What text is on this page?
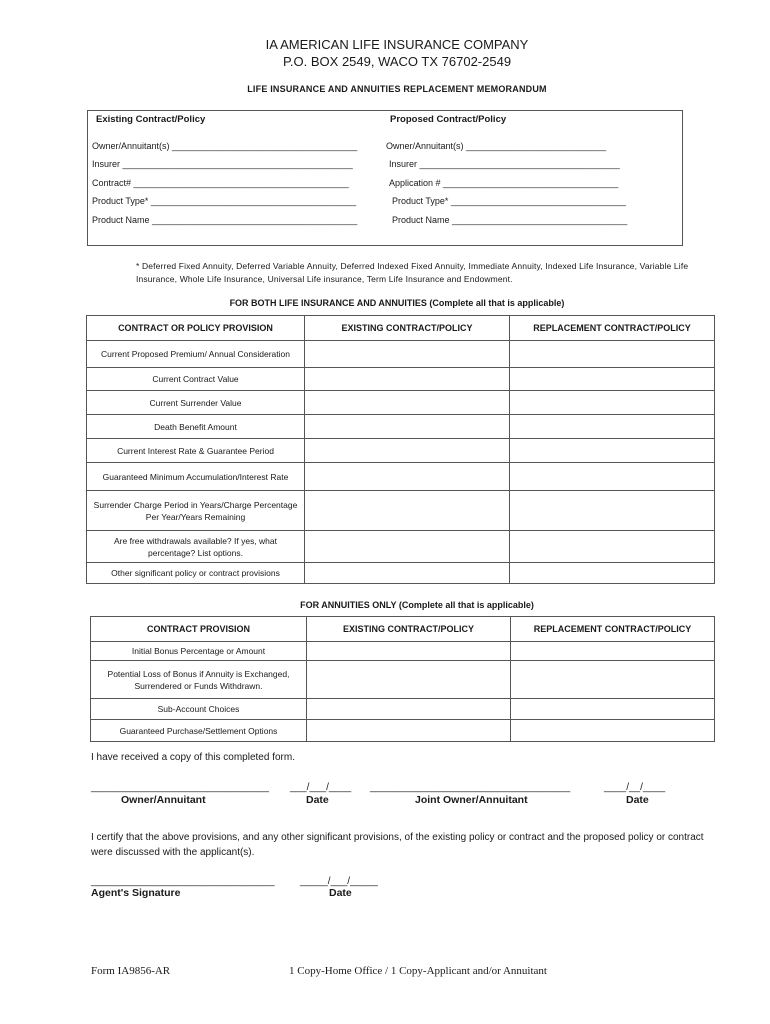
IA AMERICAN LIFE INSURANCE COMPANY
P.O. BOX 2549, WACO TX 76702-2549
LIFE INSURANCE AND ANNUITIES REPLACEMENT MEMORANDUM
Existing Contract/Policy	Proposed Contract/Policy
Owner/Annuitant(s) _____________________________________
Insurer ______________________________________________
Contract# ___________________________________________
Product Type* _________________________________________
Product Name _________________________________________
Owner/Annuitant(s) ____________________________
Insurer ________________________________________
Application # ___________________________________
Product Type* ___________________________________
Product Name ___________________________________
* Deferred Fixed Annuity, Deferred Variable Annuity, Deferred Indexed Fixed Annuity, Immediate Annuity, Indexed Life Insurance, Variable Life Insurance, Whole Life Insurance, Universal Life insurance, Term Life Insurance and Endowment.
FOR BOTH LIFE INSURANCE AND ANNUITIES (Complete all that is applicable)
CONTRACT OR POLICY PROVISION	EXISTING CONTRACT/POLICY	REPLACEMENT CONTRACT/POLICY
Current Proposed Premium/ Annual Consideration		
Current Contract Value		
Current Surrender Value		
Death Benefit Amount		
Current Interest Rate & Guarantee Period		
Guaranteed Minimum Accumulation/Interest Rate		
Surrender Charge Period in Years/Charge Percentage Per Year/Years Remaining		
Are free withdrawals available? If yes, what percentage? List options.		
Other significant policy or contract provisions		
FOR ANNUITIES ONLY (Complete all that is applicable)
CONTRACT PROVISION	EXISTING CONTRACT/POLICY	REPLACEMENT CONTRACT/POLICY
Initial Bonus Percentage or Amount		
Potential Loss of Bonus if Annuity is Exchanged, Surrendered or Funds Withdrawn.		
Sub-Account Choices		
Guaranteed Purchase/Settlement Options		
I have received a copy of this completed form.
________________________________ ___/___/____ ____________________________________	____/__/____
Owner/Annuitant	Date	Joint Owner/Annuitant	Date
I certify that the above provisions, and any other significant provisions, of the existing policy or contract and the proposed policy or contract were discussed with the applicant(s).
_________________________________	_____/___/_____
Agent's Signature	Date
Form IA9856-AR	1 Copy-Home Office / 1 Copy-Applicant and/or Annuitant
